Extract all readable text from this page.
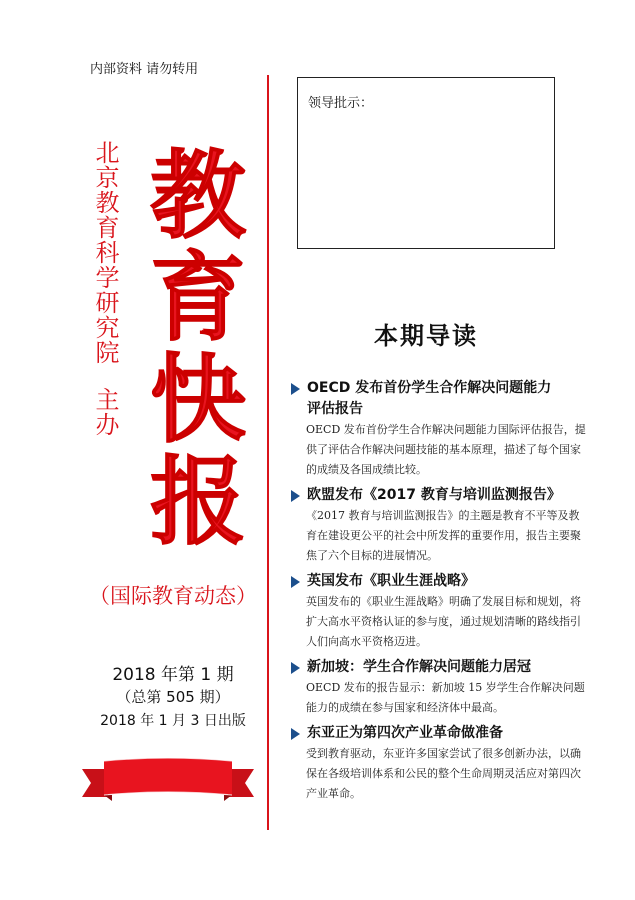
内部资料 请勿转用
北京教育科学研究院主办
教
育
快
报
（国际教育动态）
2018 年第 1 期
（总第 505 期）
2018 年 1 月 3 日出版
领导批示：
本期导读
OECD 发布首份学生合作解决问题能力
评估报告
OECD 发布首份学生合作解决问题能力国际评估报告，提供了评估合作解决问题技能的基本原理，描述了每个国家的成绩及各国成绩比较。
欧盟发布《2017 教育与培训监测报告》
《2017 教育与培训监测报告》的主题是教育不平等及教育在建设更公平的社会中所发挥的重要作用，报告主要聚焦了六个目标的进展情况。
英国发布《职业生涯战略》
英国发布的《职业生涯战略》明确了发展目标和规划，将扩大高水平资格认证的参与度，通过规划清晰的路线指引人们向高水平资格迈进。
新加坡：学生合作解决问题能力居冠
OECD 发布的报告显示：新加坡 15 岁学生合作解决问题能力的成绩在参与国家和经济体中最高。
东亚正为第四次产业革命做准备
受到教育驱动，东亚许多国家尝试了很多创新办法，以确保在各级培训体系和公民的整个生命周期灵活应对第四次产业革命。
